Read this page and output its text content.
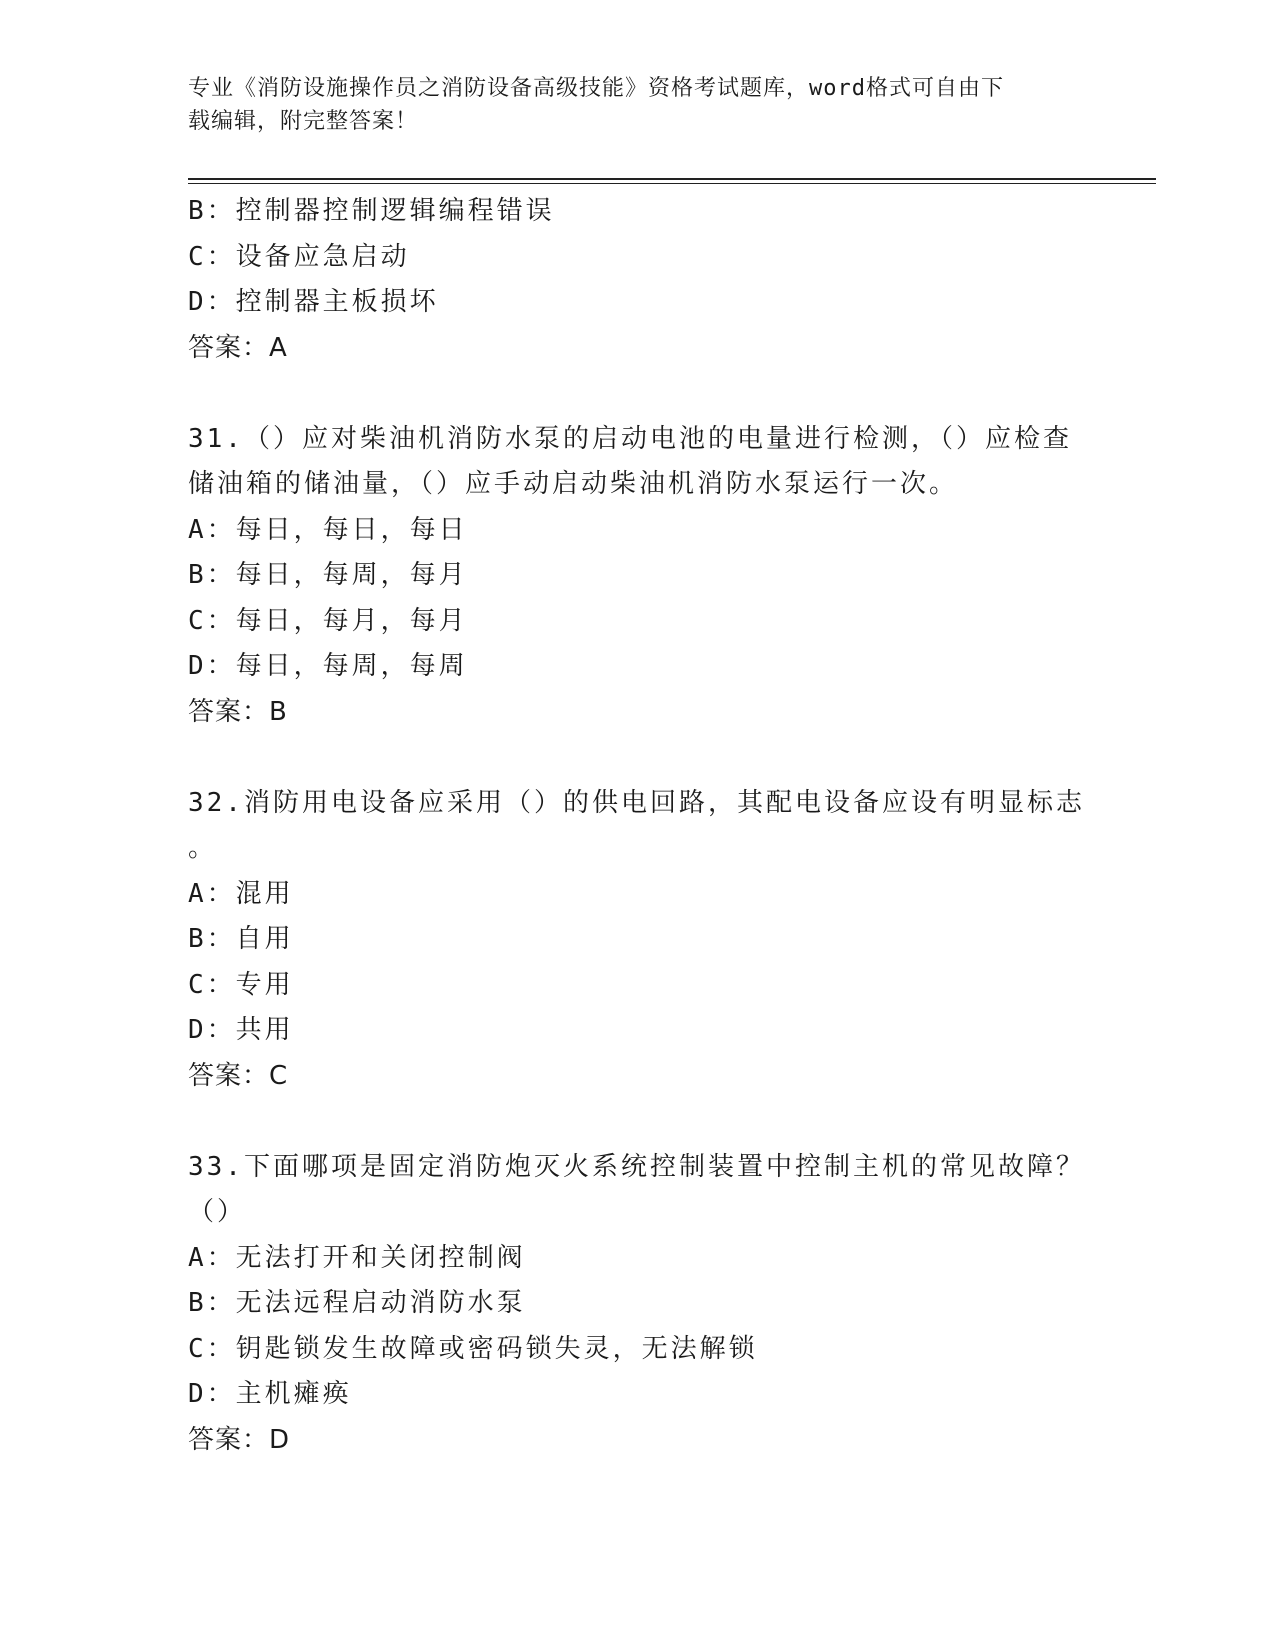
专业《消防设施操作员之消防设备高级技能》资格考试题库，word格式可自由下
载编辑，附完整答案！
B：控制器控制逻辑编程错误
C：设备应急启动
D：控制器主板损坏
答案：A
31.（）应对柴油机消防水泵的启动电池的电量进行检测，（）应检查
储油箱的储油量，（）应手动启动柴油机消防水泵运行一次。
A：每日，每日，每日
B：每日，每周，每月
C：每日，每月，每月
D：每日，每周，每周
答案：B
32.消防用电设备应采用（）的供电回路，其配电设备应设有明显标志
。
A：混用
B：自用
C：专用
D：共用
答案：C
33.下面哪项是固定消防炮灭火系统控制装置中控制主机的常见故障？
（）
A：无法打开和关闭控制阀
B：无法远程启动消防水泵
C：钥匙锁发生故障或密码锁失灵，无法解锁
D：主机瘫痪
答案：D
